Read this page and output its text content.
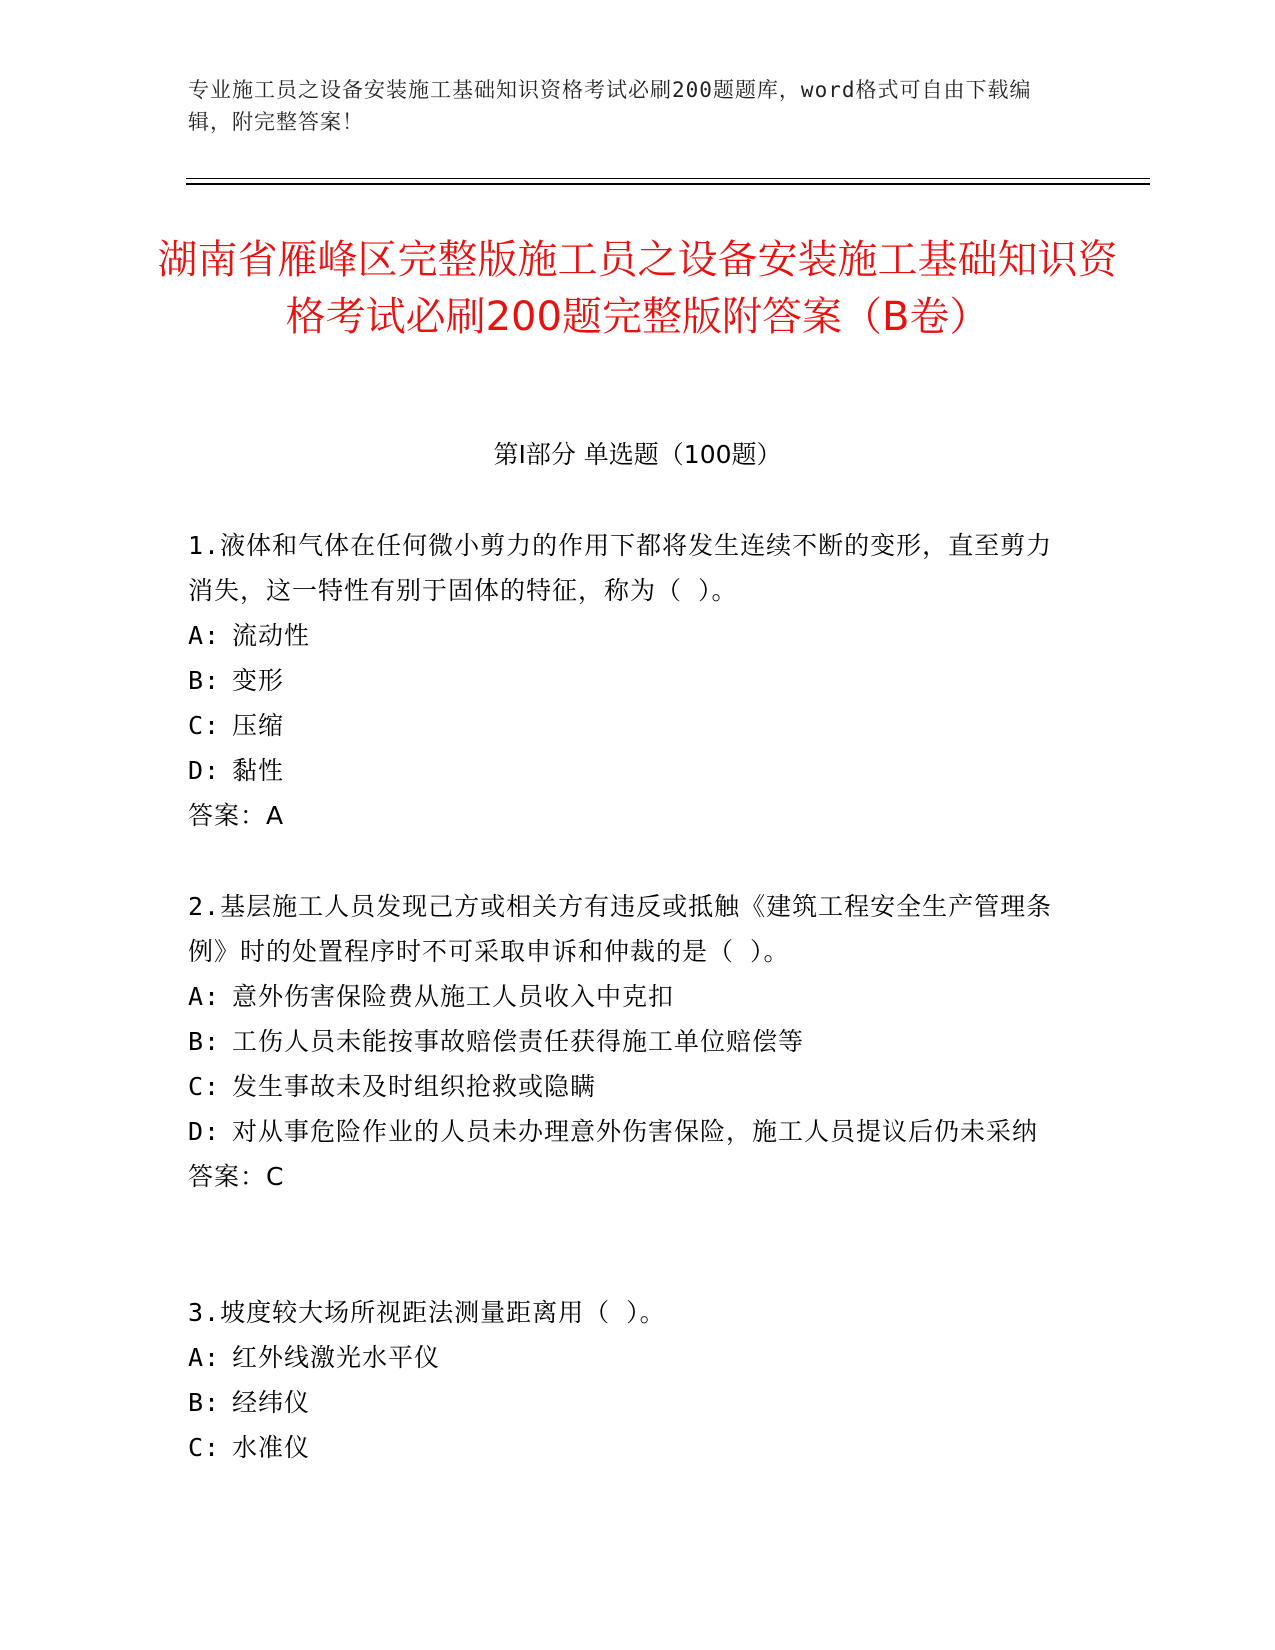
专业施工员之设备安装施工基础知识资格考试必刷200题题库，word格式可自由下载编辑，附完整答案！
湖南省雁峰区完整版施工员之设备安装施工基础知识资格考试必刷200题完整版附答案（B卷）
第Ⅰ部分 单选题（100题）
1.液体和气体在任何微小剪力的作用下都将发生连续不断的变形，直至剪力消失，这一特性有别于固体的特征，称为（ ）。
A: 流动性
B: 变形
C: 压缩
D: 黏性
答案：A
2.基层施工人员发现己方或相关方有违反或抵触《建筑工程安全生产管理条例》时的处置程序时不可采取申诉和仲裁的是（ ）。
A: 意外伤害保险费从施工人员收入中克扣
B: 工伤人员未能按事故赔偿责任获得施工单位赔偿等
C: 发生事故未及时组织抢救或隐瞒
D: 对从事危险作业的人员未办理意外伤害保险，施工人员提议后仍未采纳
答案：C
3.坡度较大场所视距法测量距离用（ ）。
A: 红外线激光水平仪
B: 经纬仪
C: 水准仪
